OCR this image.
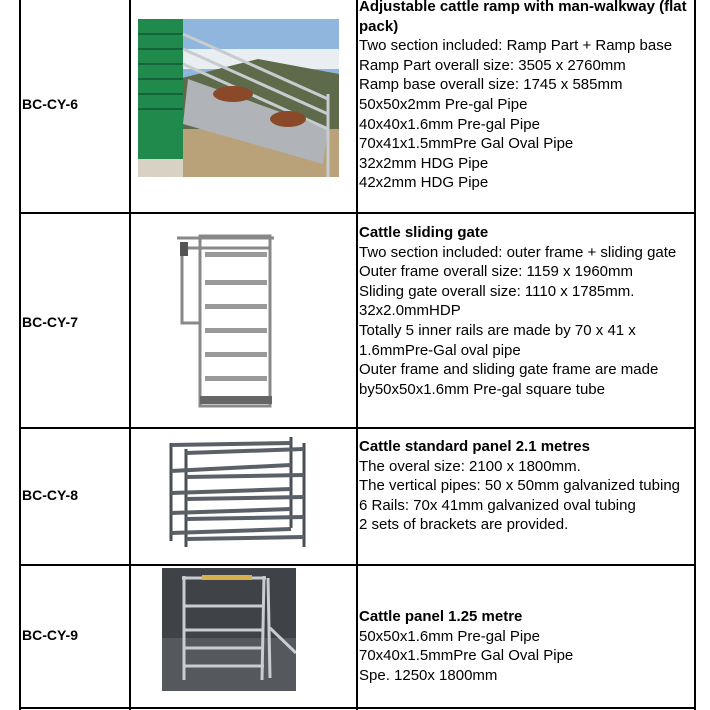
BC-CY-6
Adjustable cattle ramp with man-walkway (flat pack)
Two section included: Ramp Part + Ramp base
Ramp Part overall size: 3505 x 2760mm
Ramp base overall size: 1745 x 585mm
50x50x2mm Pre-gal Pipe
40x40x1.6mm Pre-gal Pipe
70x41x1.5mmPre Gal Oval Pipe
32x2mm HDG Pipe
42x2mm HDG Pipe
BC-CY-7
Cattle sliding gate
Two section included: outer frame + sliding gate
Outer frame overall size: 1159 x 1960mm
Sliding gate overall size: 1110 x 1785mm.
32x2.0mmHDP
Totally 5 inner rails are made by 70 x 41 x 1.6mmPre-Gal oval pipe
Outer frame and sliding gate frame are made by50x50x1.6mm Pre-gal square tube
BC-CY-8
Cattle standard panel 2.1 metres
The overal size: 2100 x 1800mm.
The vertical pipes: 50 x 50mm galvanized tubing
6 Rails: 70x 41mm galvanized oval tubing
2 sets of brackets are provided.
BC-CY-9
Cattle panel 1.25 metre
50x50x1.6mm Pre-gal Pipe
70x40x1.5mmPre Gal Oval Pipe
Spe. 1250x 1800mm
